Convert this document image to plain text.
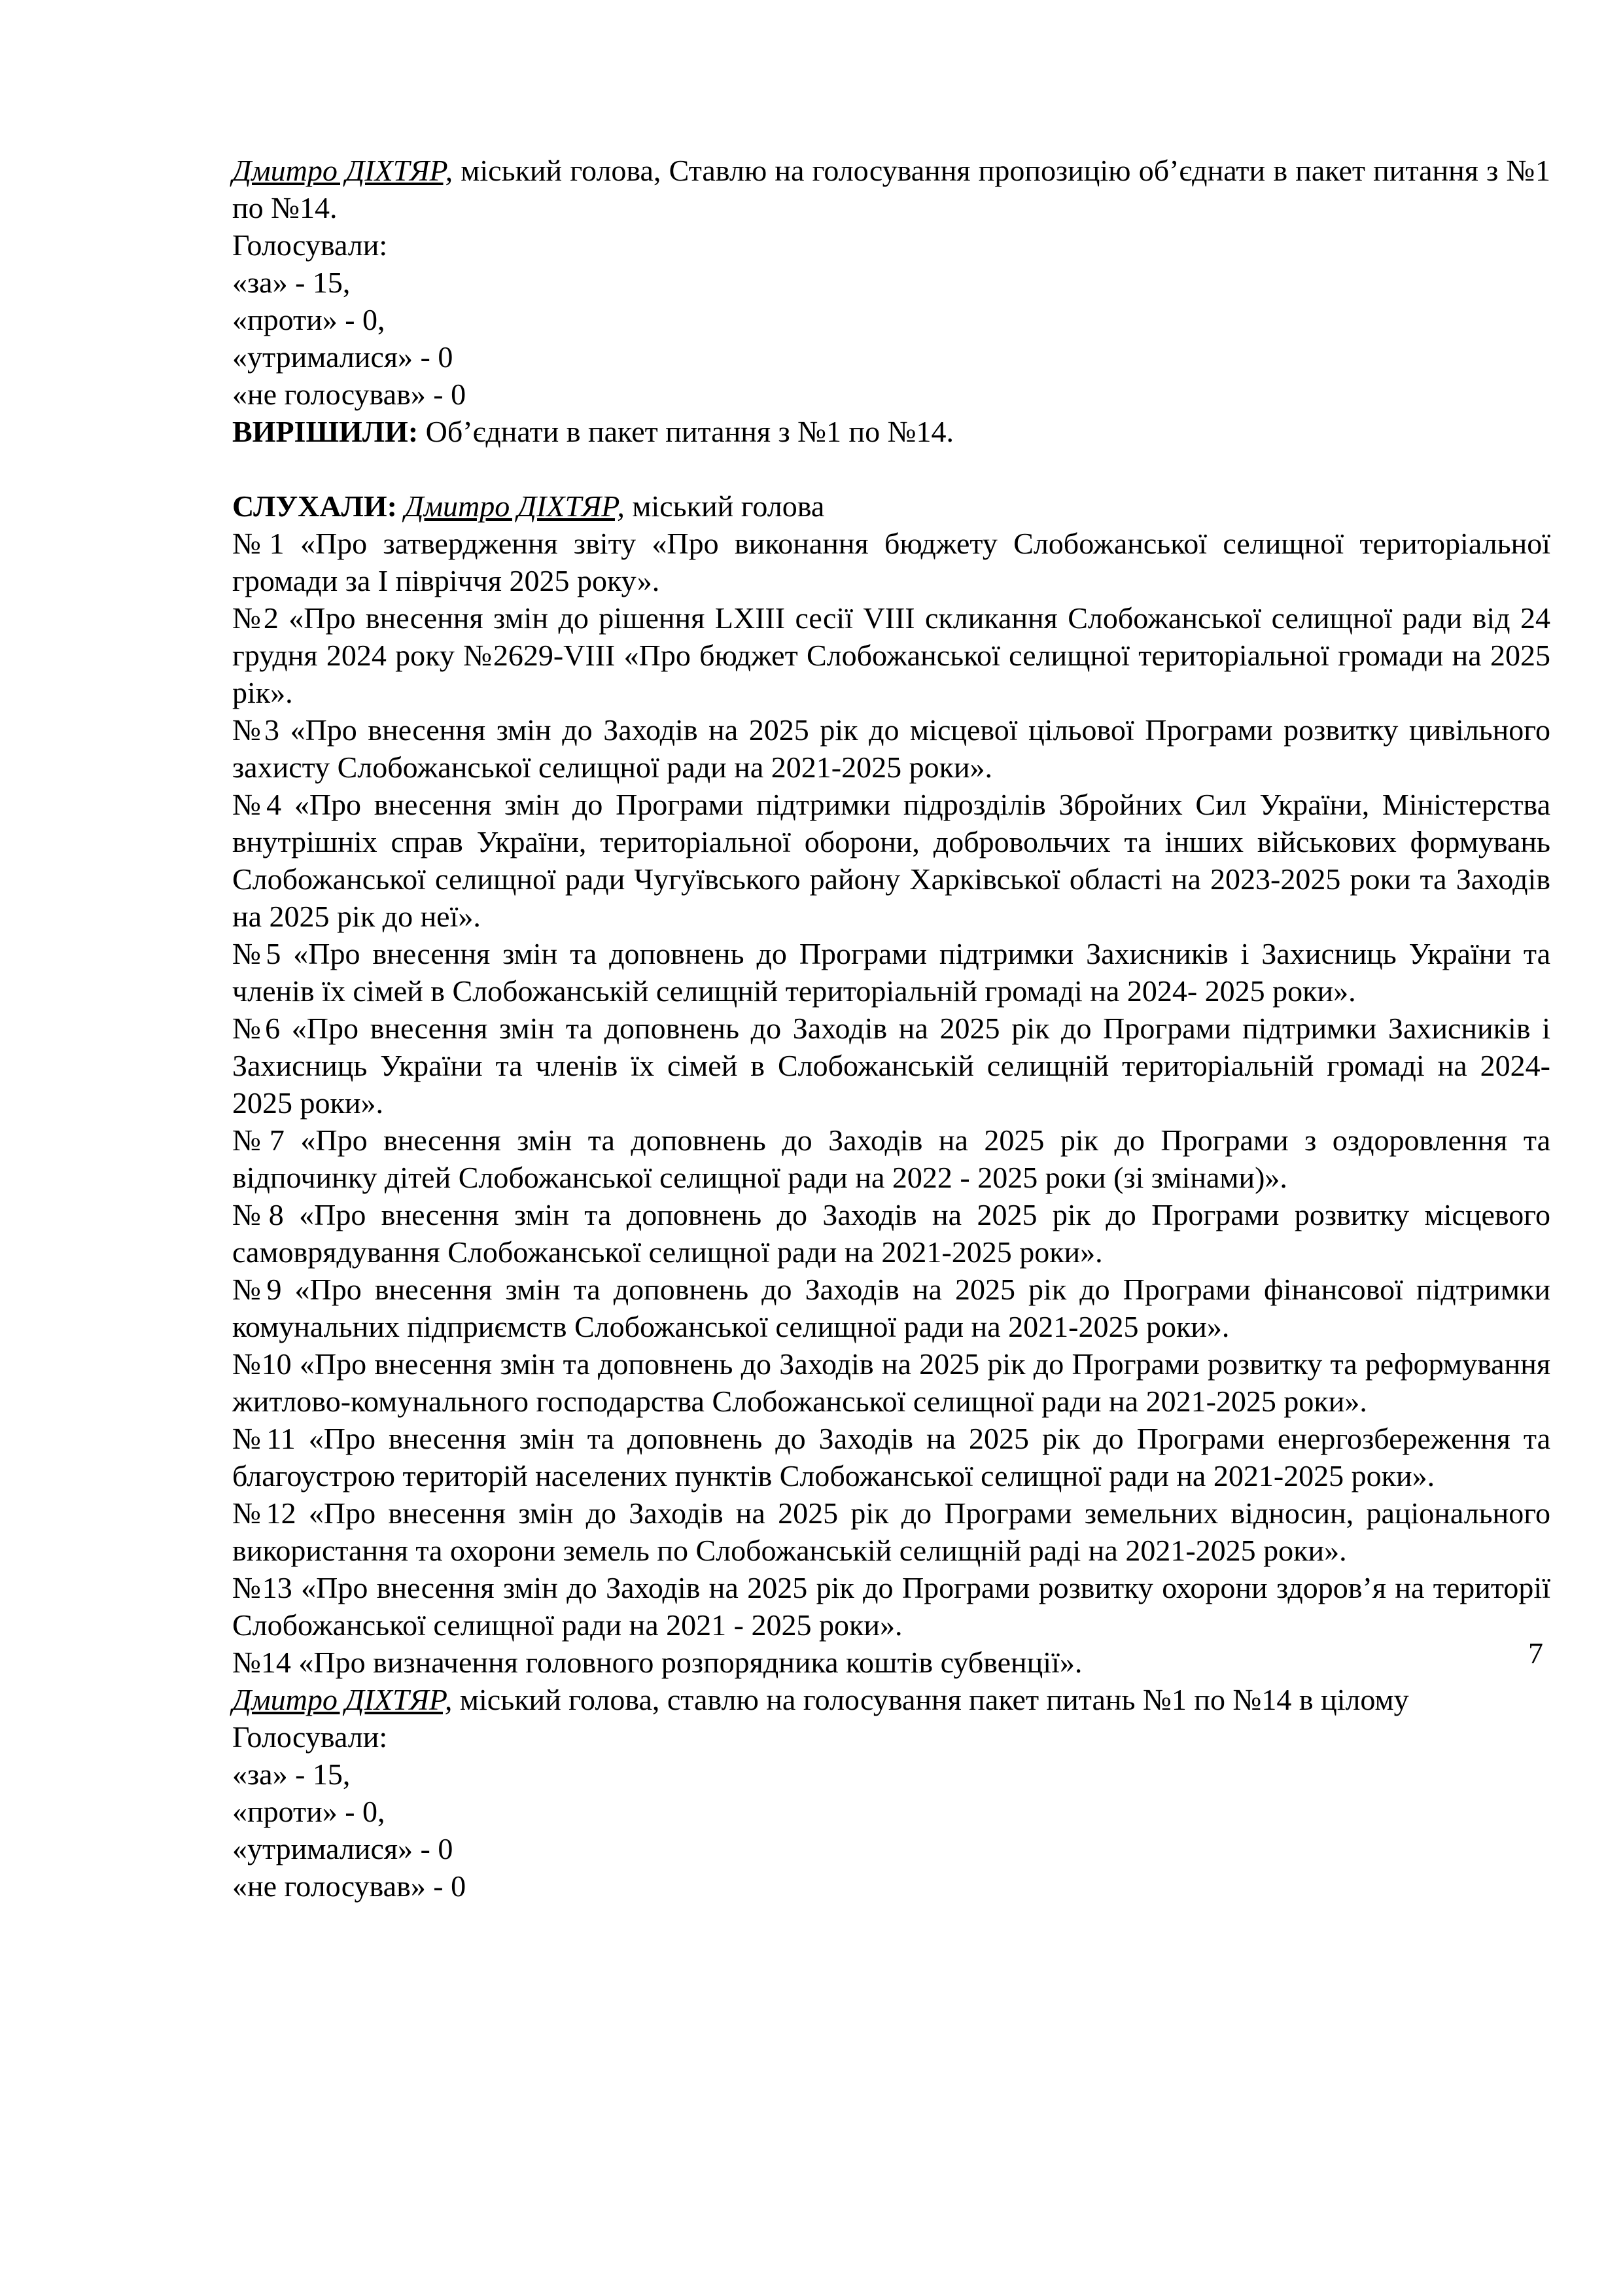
Дмитро ДІХТЯР, міський голова, Ставлю на голосування пропозицію об’єднати в пакет питання з №1 по №14.

Голосували:

«за» - 15,

«проти» - 0,

«утрималися» - 0

«не голосував» - 0

ВИРІШИЛИ: Об’єднати в пакет питання з №1 по №14.

СЛУХАЛИ: Дмитро ДІХТЯР, міський голова

№1 «Про затвердження звіту «Про виконання бюджету Слобожанської селищної територіальної громади за І півріччя 2025 року».

№2 «Про внесення змін до рішення LXIII сесії VIII скликання Слобожанської селищної ради від 24 грудня 2024 року №2629-VIII «Про бюджет Слобожанської селищної територіальної громади на 2025 рік».

№3 «Про внесення змін до Заходів на 2025 рік до місцевої цільової Програми розвитку цивільного захисту Слобожанської селищної ради на 2021-2025 роки».

№4 «Про внесення змін до Програми підтримки підрозділів Збройних Сил України, Міністерства внутрішніх справ України, територіальної оборони, добровольчих та інших військових формувань Слобожанської селищної ради Чугуївського району Харківської області на 2023-2025 роки та Заходів на 2025 рік до неї».

№5 «Про внесення змін та доповнень до Програми підтримки Захисників і Захисниць України та членів їх сімей в Слобожанській селищній територіальній громаді на 2024- 2025 роки».

№6 «Про внесення змін та доповнень до Заходів на 2025 рік до Програми підтримки Захисників і Захисниць України та членів їх сімей в Слобожанській селищній територіальній громаді на 2024- 2025 роки».

№7 «Про внесення змін та доповнень до Заходів на 2025 рік до Програми з оздоровлення та відпочинку дітей Слобожанської селищної ради на 2022 - 2025 роки (зі змінами)».

№8 «Про внесення змін та доповнень до Заходів на 2025 рік до Програми розвитку місцевого самоврядування Слобожанської селищної ради на 2021-2025 роки».

№9 «Про внесення змін та доповнень до Заходів на 2025 рік до Програми фінансової підтримки комунальних підприємств Слобожанської селищної ради на 2021-2025 роки».

№10 «Про внесення змін та доповнень до Заходів на 2025 рік до Програми розвитку та реформування житлово-комунального господарства Слобожанської селищної ради на 2021-2025 роки».

№11 «Про внесення змін та доповнень до Заходів на 2025 рік до Програми енергозбереження та благоустрою територій населених пунктів Слобожанської селищної ради на 2021-2025 роки».

№12 «Про внесення змін до Заходів на 2025 рік до Програми земельних відносин, раціонального використання та охорони земель по Слобожанській селищній раді на 2021-2025 роки».

№13 «Про внесення змін до Заходів на 2025 рік до Програми розвитку охорони здоров’я на території Слобожанської селищної ради на 2021 - 2025 роки».

№14 «Про визначення головного розпорядника коштів субвенції».

Дмитро ДІХТЯР, міський голова, ставлю на голосування пакет питань №1 по №14 в цілому

Голосували:

«за» - 15,

«проти» - 0,

«утрималися» - 0

«не голосував» - 0

7
